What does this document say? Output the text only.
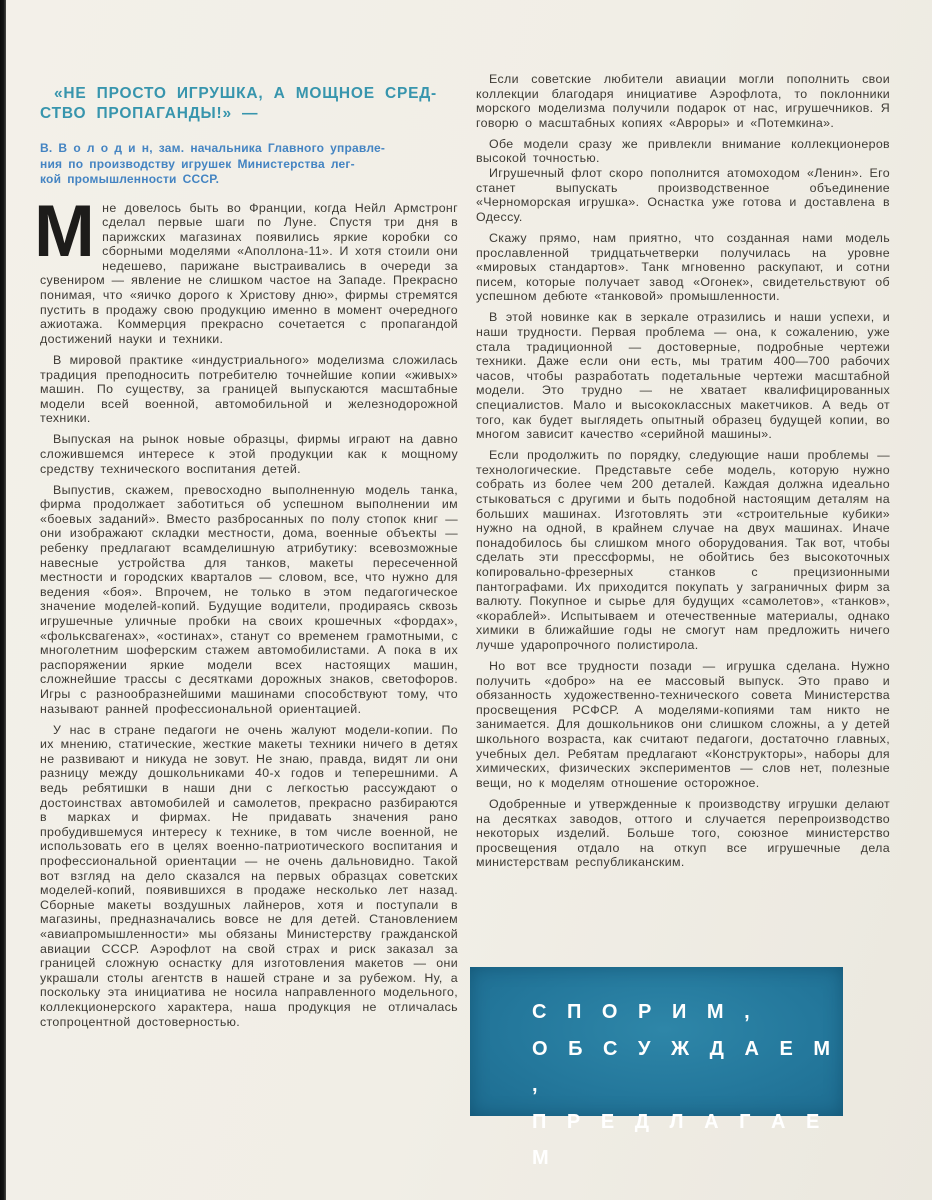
«НЕ ПРОСТО ИГРУШКА, А МОЩНОЕ СРЕД-
СТВО ПРОПАГАНДЫ!» —
В. В о л о д и н, зам. начальника Главного управле-
ния по производству игрушек Министерства лег-
кой промышленности СССР.

Мне довелось быть во Франции, когда Нейл Армстронг сделал первые шаги по Луне. Спустя три дня в парижских магазинах появились яркие коробки со сборными моделями «Аполлона-11». И хотя стоили они недешево, парижане выстраивались в очереди за сувениром — явление не слишком частое на Западе. Прекрасно понимая, что «яичко дорого к Христову дню», фирмы стремятся пустить в продажу свою продукцию именно в момент очередного ажиотажа. Коммерция прекрасно сочетается с пропагандой достижений науки и техники.

В мировой практике «индустриального» моделизма сложилась традиция преподносить потребителю точнейшие копии «живых» машин. По существу, за границей выпускаются масштабные модели всей военной, автомобильной и железнодорожной техники.

Выпуская на рынок новые образцы, фирмы играют на давно сложившемся интересе к этой продукции как к мощному средству технического воспитания детей.

Выпустив, скажем, превосходно выполненную модель танка, фирма продолжает заботиться об успешном выполнении им «боевых заданий». Вместо разбросанных по полу стопок книг — они изображают складки местности, дома, военные объекты — ребенку предлагают всамделишную атрибутику: всевозможные навесные устройства для танков, макеты пересеченной местности и городских кварталов — словом, все, что нужно для ведения «боя». Впрочем, не только в этом педагогическое значение моделей-копий. Будущие водители, продираясь сквозь игрушечные уличные пробки на своих крошечных «фордах», «фольксвагенах», «остинах», станут со временем грамотными, с многолетним шоферским стажем автомобилистами. А пока в их распоряжении яркие модели всех настоящих машин, сложнейшие трассы с десятками дорожных знаков, светофоров. Игры с разнообразнейшими машинами способствуют тому, что называют ранней профессиональной ориентацией.

У нас в стране педагоги не очень жалуют модели-копии. По их мнению, статические, жесткие макеты техники ничего в детях не развивают и никуда не зовут. Не знаю, правда, видят ли они разницу между дошкольниками 40-х годов и теперешними. А ведь ребятишки в наши дни с легкостью рассуждают о достоинствах автомобилей и самолетов, прекрасно разбираются в марках и фирмах. Не придавать значения рано пробудившемуся интересу к технике, в том числе военной, не использовать его в целях военно-патриотического воспитания и профессиональной ориентации — не очень дальновидно. Такой вот взгляд на дело сказался на первых образцах советских моделей-копий, появившихся в продаже несколько лет назад. Сборные макеты воздушных лайнеров, хотя и поступали в магазины, предназначались вовсе не для детей. Становлением «авиапромышленности» мы обязаны Министерству гражданской авиации СССР. Аэрофлот на свой страх и риск заказал за границей сложную оснастку для изготовления макетов — они украшали столы агентств в нашей стране и за рубежом. Ну, а поскольку эта инициатива не носила направленного модельного, коллекционерского характера, наша продукция не отличалась стопроцентной достоверностью.

Если советские любители авиации могли пополнить свои коллекции благодаря инициативе Аэрофлота, то поклонники морского моделизма получили подарок от нас, игрушечников. Я говорю о масштабных копиях «Авроры» и «Потемкина».

Обе модели сразу же привлекли внимание коллекционеров высокой точностью.

Игрушечный флот скоро пополнится атомоходом «Ленин». Его станет выпускать производственное объединение «Черноморская игрушка». Оснастка уже готова и доставлена в Одессу.

Скажу прямо, нам приятно, что созданная нами модель прославленной тридцатьчетверки получилась на уровне «мировых стандартов». Танк мгновенно раскупают, и сотни писем, которые получает завод «Огонек», свидетельствуют об успешном дебюте «танковой» промышленности.

В этой новинке как в зеркале отразились и наши успехи, и наши трудности. Первая проблема — она, к сожалению, уже стала традиционной — достоверные, подробные чертежи техники. Даже если они есть, мы тратим 400—700 рабочих часов, чтобы разработать подетальные чертежи масштабной модели. Это трудно — не хватает квалифицированных специалистов. Мало и высококлассных макетчиков. А ведь от того, как будет выглядеть опытный образец будущей копии, во многом зависит качество «серийной машины».

Если продолжить по порядку, следующие наши проблемы — технологические. Представьте себе модель, которую нужно собрать из более чем 200 деталей. Каждая должна идеально стыковаться с другими и быть подобной настоящим деталям на больших машинах. Изготовлять эти «строительные кубики» нужно на одной, в крайнем случае на двух машинах. Иначе понадобилось бы слишком много оборудования. Так вот, чтобы сделать эти прессформы, не обойтись без высокоточных копировально-фрезерных станков с прецизионными пантографами. Их приходится покупать у заграничных фирм за валюту. Покупное и сырье для будущих «самолетов», «танков», «кораблей». Испытываем и отечественные материалы, однако химики в ближайшие годы не смогут нам предложить ничего лучше ударопрочного полистирола.

Но вот все трудности позади — игрушка сделана. Нужно получить «добро» на ее массовый выпуск. Это право и обязанность художественно-технического совета Министерства просвещения РСФСР. А моделями-копиями там никто не занимается. Для дошкольников они слишком сложны, а у детей школьного возраста, как считают педагоги, достаточно главных, учебных дел. Ребятам предлагают «Конструкторы», наборы для химических, физических экспериментов — слов нет, полезные вещи, но к моделям отношение осторожное.

Одобренные и утвержденные к производству игрушки делают на десятках заводов, оттого и случается перепроизводство некоторых изделий. Больше того, союзное министерство просвещения отдало на откуп все игрушечные дела министерствам республиканским.

С П О Р И М ,
О Б С У Ж Д А Е М ,
П Р Е Д Л А Г А Е М
